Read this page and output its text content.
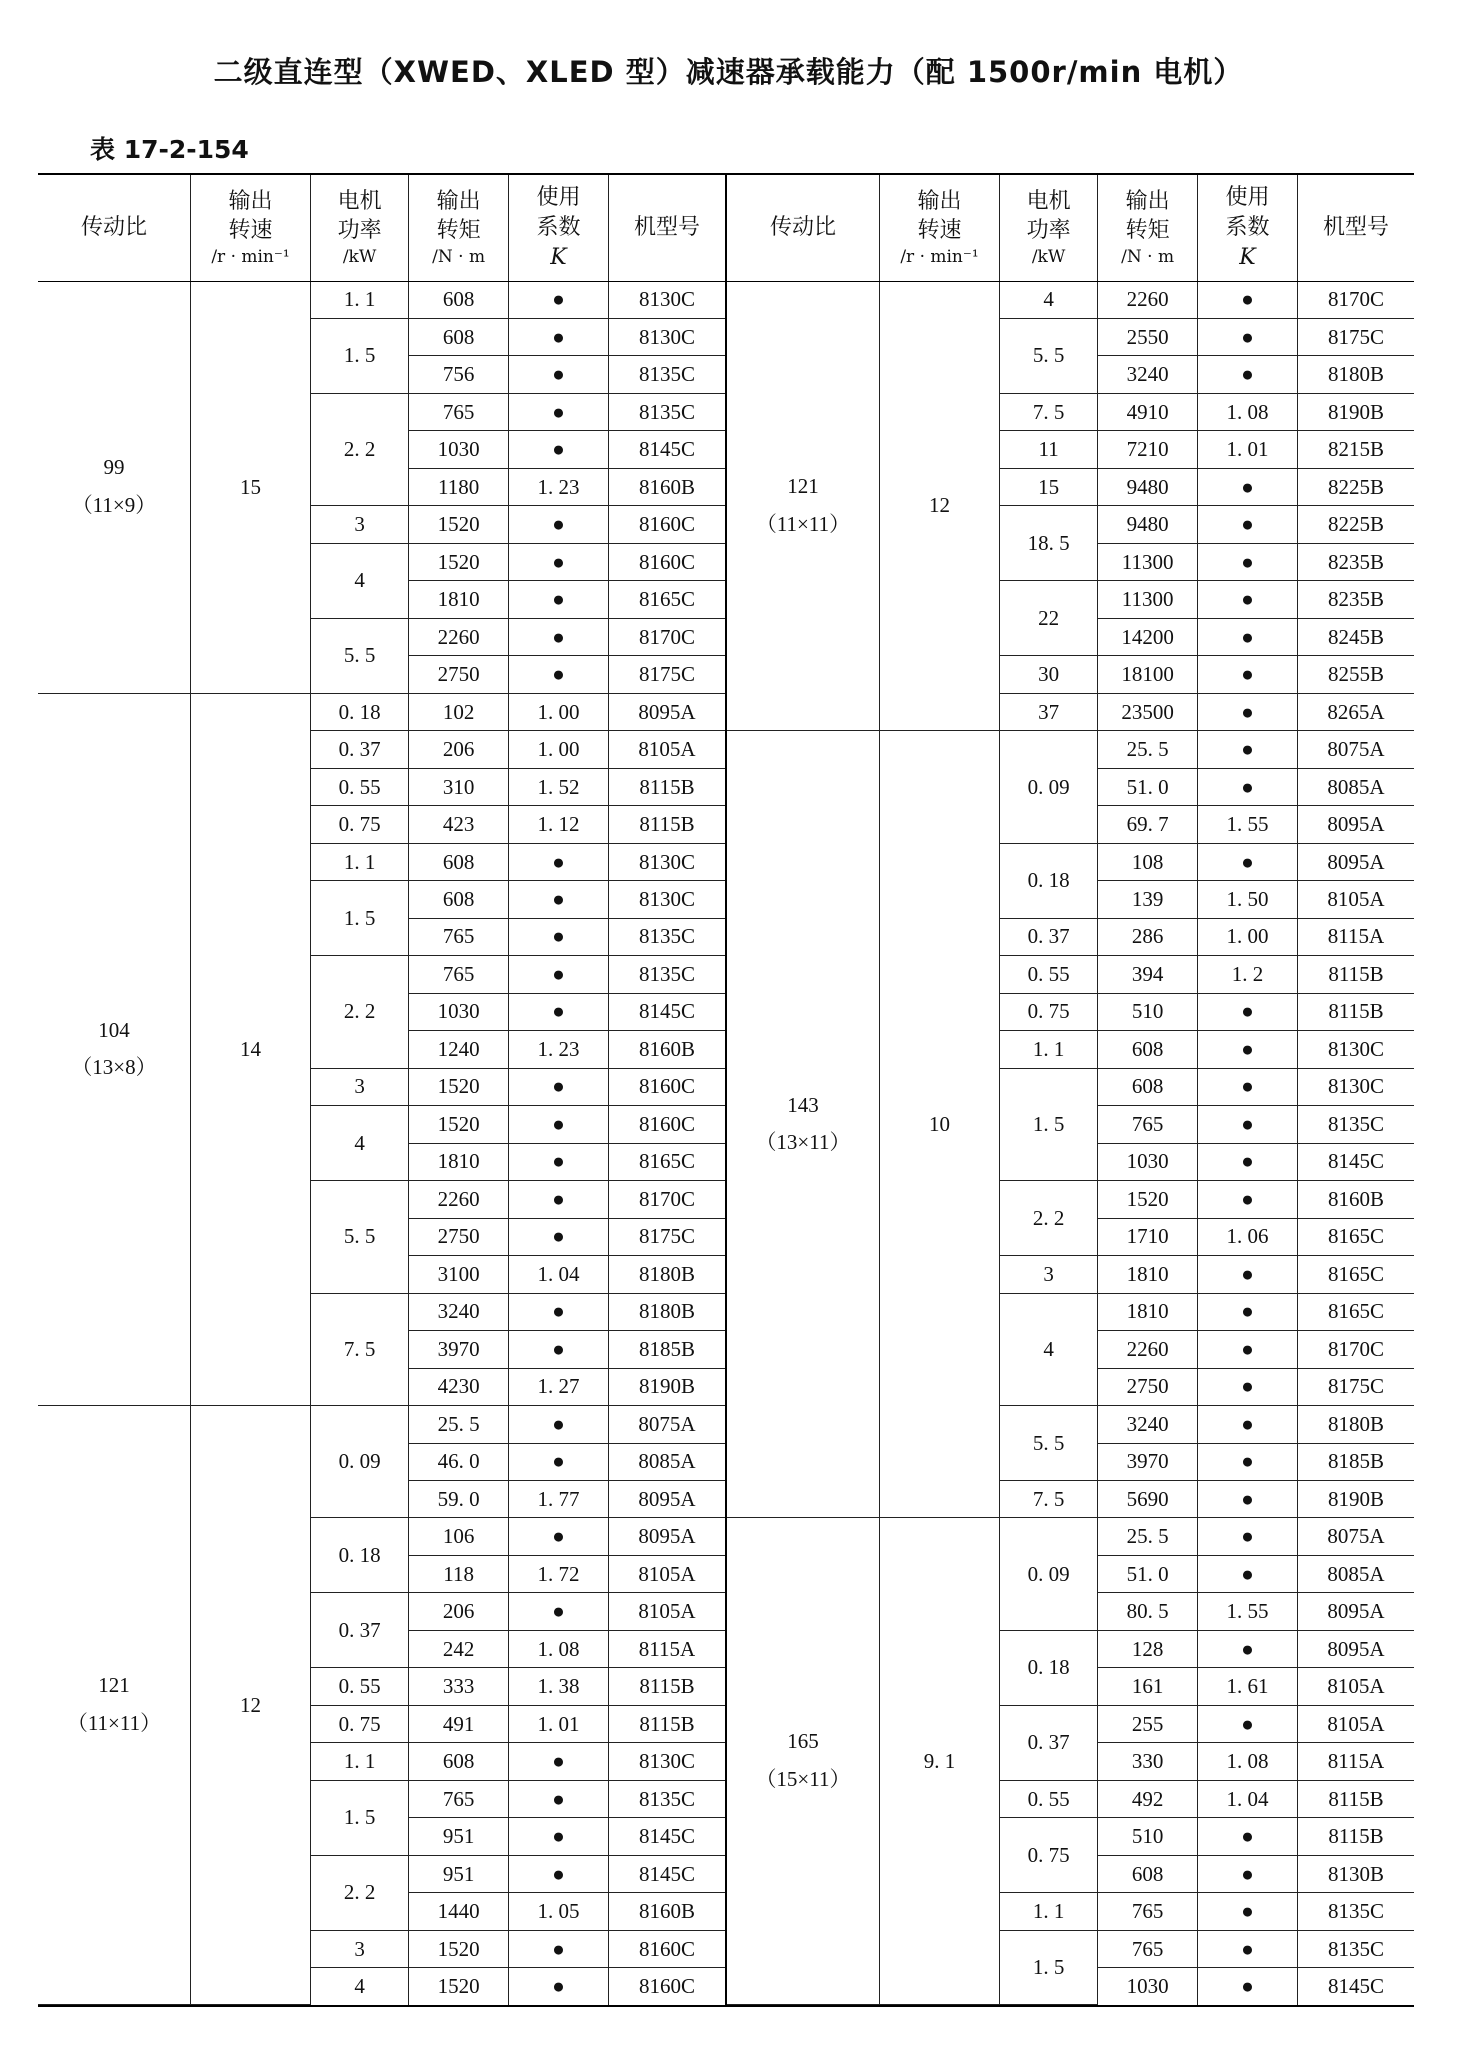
二级直连型（XWED、XLED 型）减速器承载能力（配 1500r/min 电机）
表 17-2-154
传动比	输出
转速
/r · min⁻¹	电机
功率
/kW	输出
转矩
/N · m	使用
系数
K	机型号

99
（11×9）	15	1. 1	608	●	8130C
		1. 5	608	●	8130C
			756	●	8135C
		2. 2	765	●	8135C
			1030	●	8145C
			1180	1. 23	8160B
		3	1520	●	8160C
		4	1520	●	8160C
			1810	●	8165C
		5. 5	2260	●	8170C
			2750	●	8175C

104
（13×8）	14	0. 18	102	1. 00	8095A
		0. 37	206	1. 00	8105A
		0. 55	310	1. 52	8115B
		0. 75	423	1. 12	8115B
		1. 1	608	●	8130C
		1. 5	608	●	8130C
			765	●	8135C
		2. 2	765	●	8135C
			1030	●	8145C
			1240	1. 23	8160B
		3	1520	●	8160C
		4	1520	●	8160C
			1810	●	8165C
		5. 5	2260	●	8170C
			2750	●	8175C
			3100	1. 04	8180B
		7. 5	3240	●	8180B
			3970	●	8185B
			4230	1. 27	8190B

121
（11×11）	12	0. 09	25. 5	●	8075A
			46. 0	●	8085A
			59. 0	1. 77	8095A
		0. 18	106	●	8095A
			118	1. 72	8105A
		0. 37	206	●	8105A
			242	1. 08	8115A
		0. 55	333	1. 38	8115B
		0. 75	491	1. 01	8115B
		1. 1	608	●	8130C
		1. 5	765	●	8135C
			951	●	8145C
		2. 2	951	●	8145C
			1440	1. 05	8160B
		3	1520	●	8160C
		4	1520	●	8160C
传动比	输出
转速
/r · min⁻¹	电机
功率
/kW	输出
转矩
/N · m	使用
系数
K	机型号

121
（11×11）	12	4	2260	●	8170C
		5. 5	2550	●	8175C
			3240	●	8180B
		7. 5	4910	1. 08	8190B
		11	7210	1. 01	8215B
		15	9480	●	8225B
		18. 5	9480	●	8225B
			11300	●	8235B
		22	11300	●	8235B
			14200	●	8245B
		30	18100	●	8255B
		37	23500	●	8265A

143
（13×11）	10	0. 09	25. 5	●	8075A
			51. 0	●	8085A
			69. 7	1. 55	8095A
		0. 18	108	●	8095A
			139	1. 50	8105A
		0. 37	286	1. 00	8115A
		0. 55	394	1. 2	8115B
		0. 75	510	●	8115B
		1. 1	608	●	8130C
		1. 5	608	●	8130C
			765	●	8135C
			1030	●	8145C
		2. 2	1520	●	8160B
			1710	1. 06	8165C
		3	1810	●	8165C
		4	1810	●	8165C
			2260	●	8170C
			2750	●	8175C
		5. 5	3240	●	8180B
			3970	●	8185B
		7. 5	5690	●	8190B

165
（15×11）	9. 1	0. 09	25. 5	●	8075A
			51. 0	●	8085A
			80. 5	1. 55	8095A
		0. 18	128	●	8095A
			161	1. 61	8105A
		0. 37	255	●	8105A
			330	1. 08	8115A
		0. 55	492	1. 04	8115B
		0. 75	510	●	8115B
			608	●	8130B
		1. 1	765	●	8135C
		1. 5	765	●	8135C
			1030	●	8145C
